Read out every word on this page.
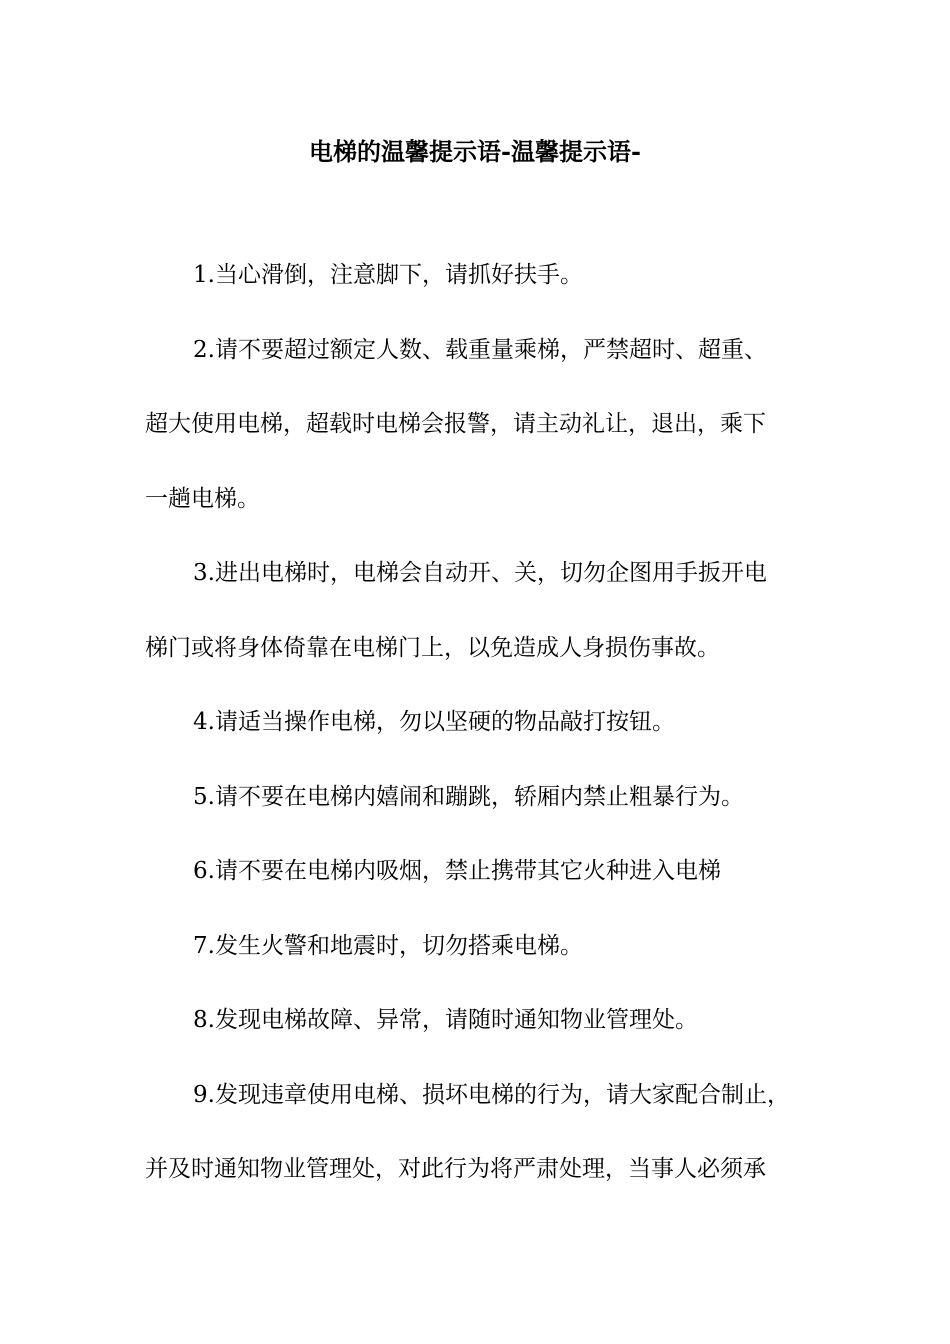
电梯的温馨提示语-温馨提示语-
1.当心滑倒，注意脚下，请抓好扶手。
2.请不要超过额定人数、载重量乘梯，严禁超时、超重、
超大使用电梯，超载时电梯会报警，请主动礼让，退出，乘下
一趟电梯。
3.进出电梯时，电梯会自动开、关，切勿企图用手扳开电
梯门或将身体倚靠在电梯门上，以免造成人身损伤事故。
4.请适当操作电梯，勿以坚硬的物品敲打按钮。
5.请不要在电梯内嬉闹和蹦跳，轿厢内禁止粗暴行为。
6.请不要在电梯内吸烟，禁止携带其它火种进入电梯
7.发生火警和地震时，切勿搭乘电梯。
8.发现电梯故障、异常，请随时通知物业管理处。
9.发现违章使用电梯、损坏电梯的行为，请大家配合制止，
并及时通知物业管理处，对此行为将严肃处理，当事人必须承
